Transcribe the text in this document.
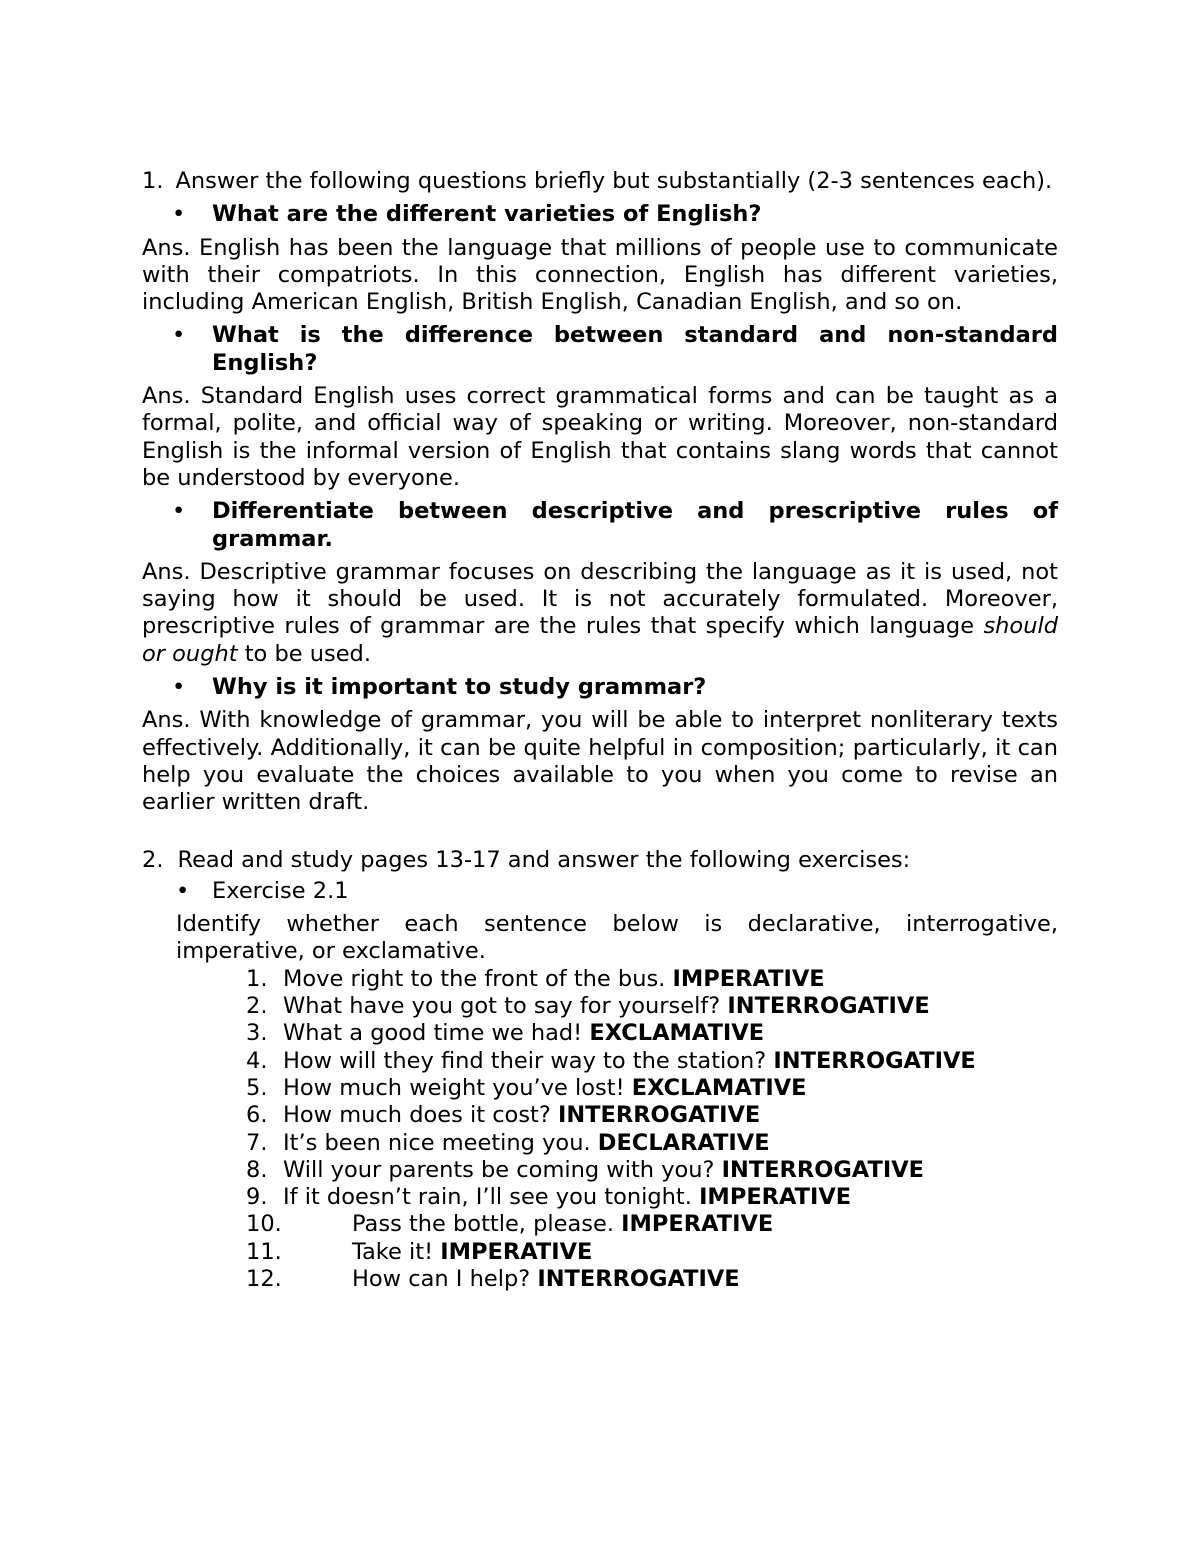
1. Answer the following questions briefly but substantially (2-3 sentences each).

•	What are the different varieties of English?

Ans. English has been the language that millions of people use to communicate with their compatriots. In this connection, English has different varieties, including American English, British English, Canadian English, and so on.

•	What is the difference between standard and non-standard English?

Ans. Standard English uses correct grammatical forms and can be taught as a formal, polite, and official way of speaking or writing. Moreover, non-standard English is the informal version of English that contains slang words that cannot be understood by everyone.

•	Differentiate between descriptive and prescriptive rules of grammar.

Ans. Descriptive grammar focuses on describing the language as it is used, not saying how it should be used. It is not accurately formulated. Moreover, prescriptive rules of grammar are the rules that specify which language should or ought to be used.

•	Why is it important to study grammar?

Ans. With knowledge of grammar, you will be able to interpret nonliterary texts effectively. Additionally, it can be quite helpful in composition; particularly, it can help you evaluate the choices available to you when you come to revise an earlier written draft.

2. Read and study pages 13-17 and answer the following exercises:

•	Exercise 2.1

Identify whether each sentence below is declarative, interrogative, imperative, or exclamative.

1. Move right to the front of the bus. IMPERATIVE
2. What have you got to say for yourself? INTERROGATIVE
3. What a good time we had! EXCLAMATIVE
4. How will they find their way to the station? INTERROGATIVE
5. How much weight you’ve lost! EXCLAMATIVE
6. How much does it cost? INTERROGATIVE
7. It’s been nice meeting you. DECLARATIVE
8. Will your parents be coming with you? INTERROGATIVE
9. If it doesn’t rain, I’ll see you tonight. IMPERATIVE
10.	Pass the bottle, please. IMPERATIVE
11.	Take it! IMPERATIVE
12.	How can I help? INTERROGATIVE
